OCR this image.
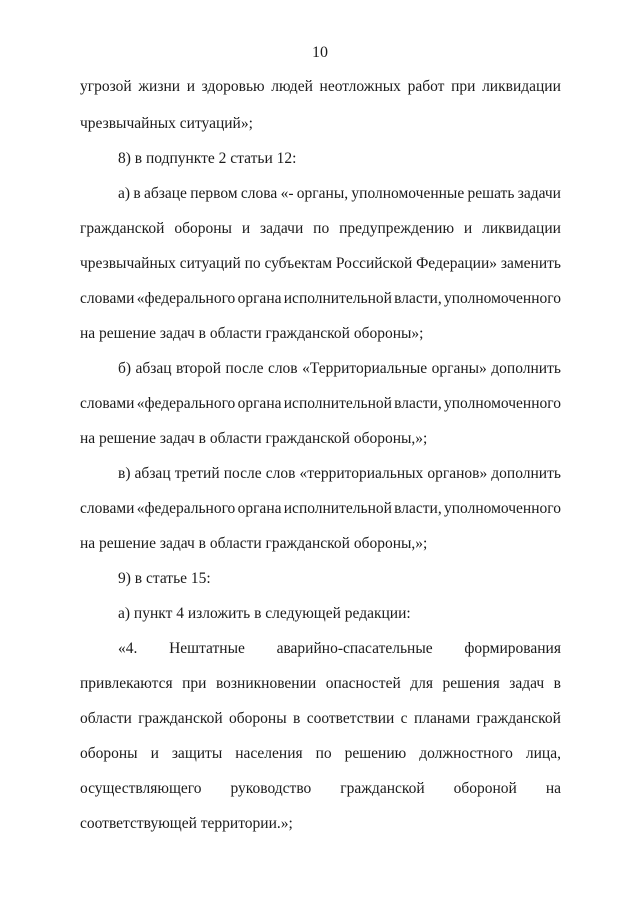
10
угрозой жизни и здоровью людей неотложных работ при ликвидации
чрезвычайных ситуаций»;
8) в подпункте 2 статьи 12:
а) в абзаце первом слова «- органы, уполномоченные решать задачи
гражданской обороны и задачи по предупреждению и ликвидации
чрезвычайных ситуаций по субъектам Российской Федерации» заменить
словами «федерального органа исполнительной власти, уполномоченного
на решение задач в области гражданской обороны»;
б) абзац второй после слов «Территориальные органы» дополнить
словами «федерального органа исполнительной власти, уполномоченного
на решение задач в области гражданской обороны,»;
в) абзац третий после слов «территориальных органов» дополнить
словами «федерального органа исполнительной власти, уполномоченного
на решение задач в области гражданской обороны,»;
9) в статье 15:
а) пункт 4 изложить в следующей редакции:
«4. Нештатные аварийно-спасательные формирования
привлекаются при возникновении опасностей для решения задач в
области гражданской обороны в соответствии с планами гражданской
обороны и защиты населения по решению должностного лица,
осуществляющего руководство гражданской обороной на
соответствующей территории.»;
